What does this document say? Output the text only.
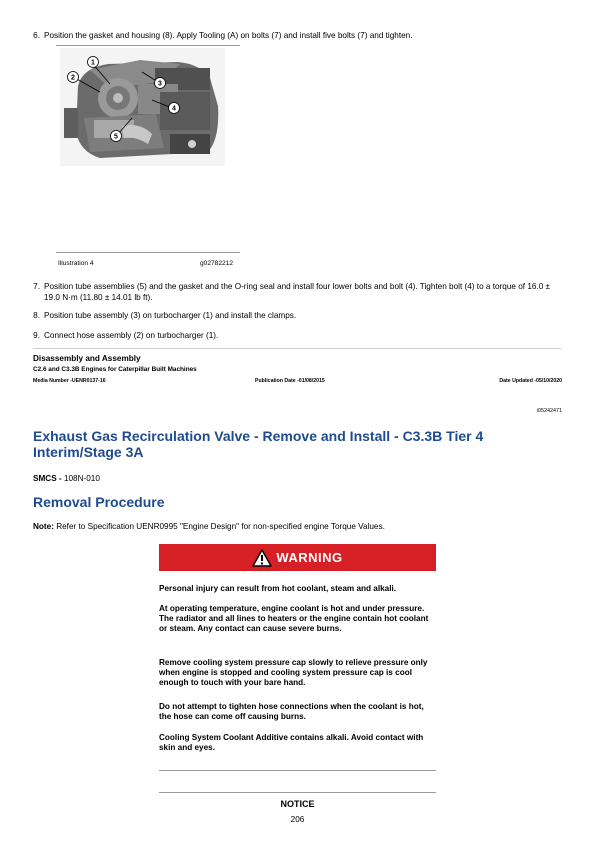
6. Position the gasket and housing (8). Apply Tooling (A) on bolts (7) and install five bolts (7) and tighten.
1
2
3
4
5
Illustration 4	g02782212
7. Position tube assemblies (5) and the gasket and the O-ring seal and install four lower bolts and bolt (4). Tighten bolt (4) to a torque of 16.0 ± 19.0 N·m (11.80 ± 14.01 lb ft).
8. Position tube assembly (3) on turbocharger (1) and install the clamps.
9. Connect hose assembly (2) on turbocharger (1).
Disassembly and Assembly
C2.6 and C3.3B Engines for Caterpillar Built Machines
Media Number -UENR0137-16	Publication Date -01/08/2015	Date Updated -05/10/2020
i05242471
Exhaust Gas Recirculation Valve - Remove and Install - C3.3B Tier 4 Interim/Stage 3A
SMCS - 108N-010
Removal Procedure
Note: Refer to Specification UENR0995 "Engine Design" for non-specified engine Torque Values.
WARNING
Personal injury can result from hot coolant, steam and alkali.
At operating temperature, engine coolant is hot and under pressure. The radiator and all lines to heaters or the engine contain hot coolant or steam. Any contact can cause severe burns.
Remove cooling system pressure cap slowly to relieve pressure only when engine is stopped and cooling system pressure cap is cool enough to touch with your bare hand.
Do not attempt to tighten hose connections when the coolant is hot, the hose can come off causing burns.
Cooling System Coolant Additive contains alkali. Avoid contact with skin and eyes.
NOTICE
206
